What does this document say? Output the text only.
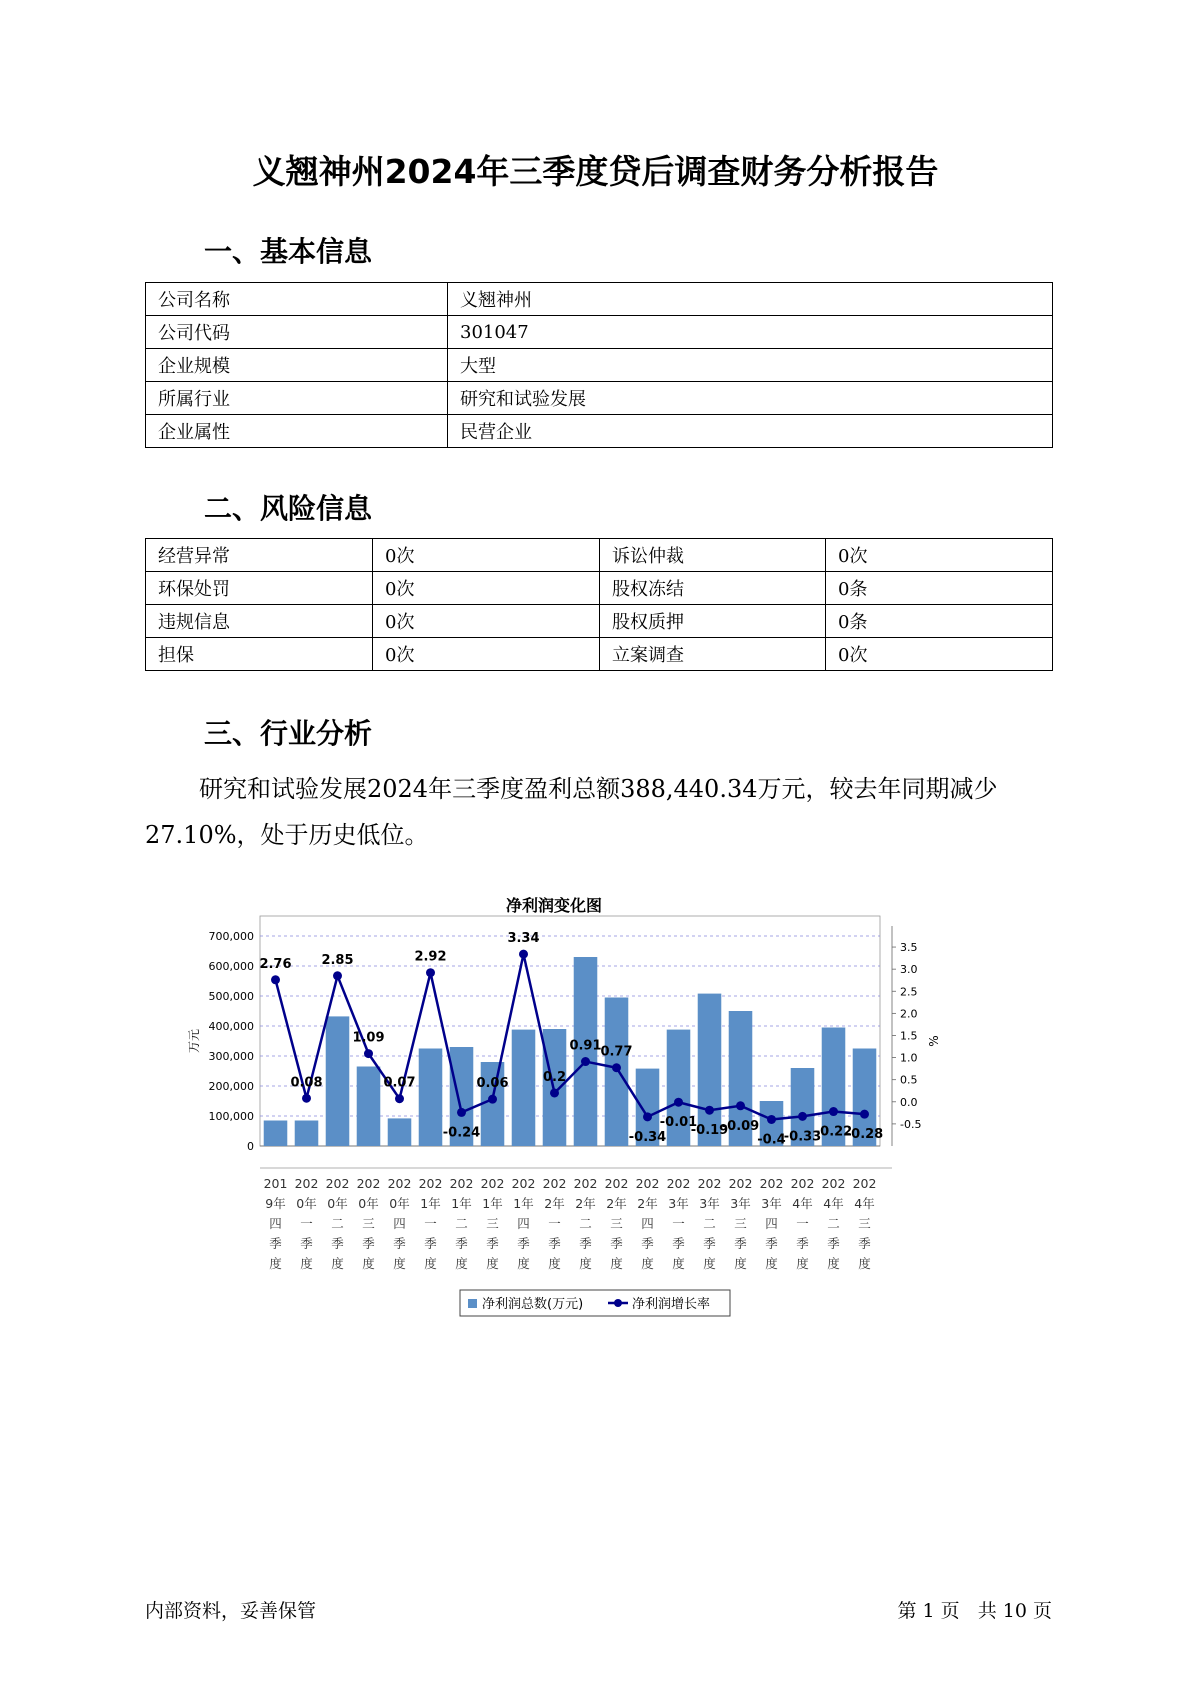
义翘神州2024年三季度贷后调查财务分析报告
一、基本信息
公司名称	义翘神州
公司代码	301047
企业规模	大型
所属行业	研究和试验发展
企业属性	民营企业
二、风险信息
经营异常	0次	诉讼仲裁	0次
环保处罚	0次	股权冻结	0条
违规信息	0次	股权质押	0条
担保	0次	立案调查	0次
三、行业分析
研究和试验发展2024年三季度盈利总额388,440.34万元，较去年同期减少27.10%，处于历史低位。
净利润变化图
0
100,000
200,000
300,000
400,000
500,000
600,000
700,000
-0.5
0.0
0.5
1.0
1.5
2.0
2.5
3.0
3.5
万元	%
2.76
0.08
2.85
1.09
0.07
2.92
-0.24
0.06
3.34
0.2
0.91
0.77
-0.34
-0.01
-0.19
-0.09
-0.4
-0.33
-0.22
-0.28
201 9年四季度
202 0年一季度
202 0年二季度
202 0年三季度
202 0年四季度
202 1年一季度
202 1年二季度
202 1年三季度
202 1年四季度
202 2年一季度
202 2年二季度
202 2年三季度
202 2年四季度
202 3年一季度
202 3年二季度
202 3年三季度
202 3年四季度
202 4年一季度
202 4年二季度
202 4年三季度
净利润总数(万元)	净利润增长率
内部资料，妥善保管	第 1 页   共 10 页
